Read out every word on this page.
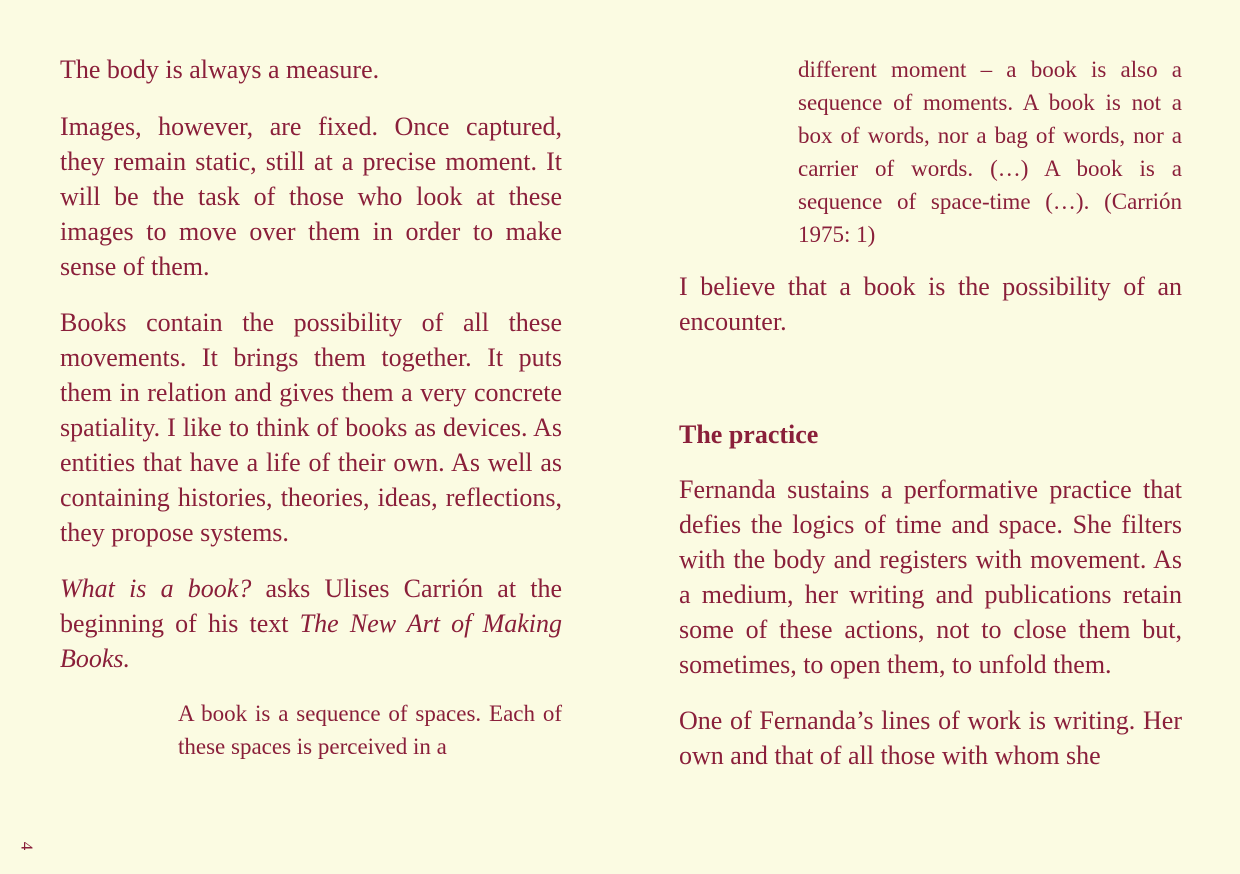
The body is always a measure.

Images, however, are fixed. Once captured, they remain static, still at a precise moment. It will be the task of those who look at these images to move over them in order to make sense of them.

Books contain the possibility of all these movements. It brings them together. It puts them in relation and gives them a very concrete spatiality. I like to think of books as devices. As entities that have a life of their own. As well as containing histories, theories, ideas, reflections, they propose systems.

What is a book? asks Ulises Carrión at the beginning of his text The New Art of Making Books.

A book is a sequence of spaces. Each of these spaces is perceived in a

4

different moment – a book is also a sequence of moments. A book is not a box of words, nor a bag of words, nor a carrier of words. (…) A book is a sequence of space-time (…). (Carrión 1975: 1)

I believe that a book is the possibility of an encounter.

The practice

Fernanda sustains a performative practice that defies the logics of time and space. She filters with the body and registers with movement. As a medium, her writing and publications retain some of these actions, not to close them but, sometimes, to open them, to unfold them.

One of Fernanda’s lines of work is writing. Her own and that of all those with whom she
